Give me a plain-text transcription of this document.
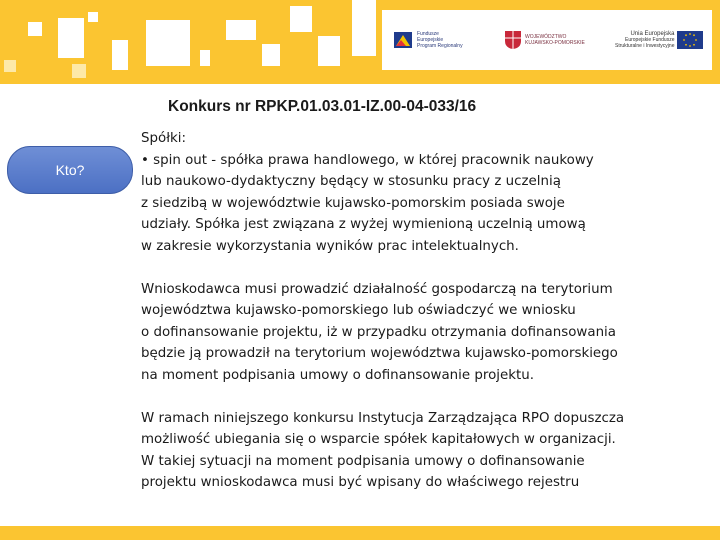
Fundusze
Europejskie
Program Regionalny
WOJEWÓDZTWO
KUJAWSKO-POMORSKIE
Unia Europejska
Europejskie Fundusze
Strukturalne i Inwestycyjne
Konkurs nr RPKP.01.03.01-IZ.00-04-033/16
Kto?

Spółki:
• spin out - spółka prawa handlowego, w której pracownik naukowy
lub naukowo-dydaktyczny będący w stosunku pracy z uczelnią
z siedzibą w województwie kujawsko-pomorskim posiada swoje
udziały. Spółka jest związana z wyżej wymienioną uczelnią umową
w zakresie wykorzystania wyników prac intelektualnych.

Wnioskodawca musi prowadzić działalność gospodarczą na terytorium
województwa kujawsko-pomorskiego lub oświadczyć we wniosku
o dofinansowanie projektu, iż w przypadku otrzymania dofinansowania
będzie ją prowadził na terytorium województwa kujawsko-pomorskiego
na moment podpisania umowy o dofinansowanie projektu.

W ramach niniejszego konkursu Instytucja Zarządzająca RPO dopuszcza
możliwość ubiegania się o wsparcie spółek kapitałowych w organizacji.
W takiej sytuacji na moment podpisania umowy o dofinansowanie
projektu wnioskodawca musi być wpisany do właściwego rejestru
